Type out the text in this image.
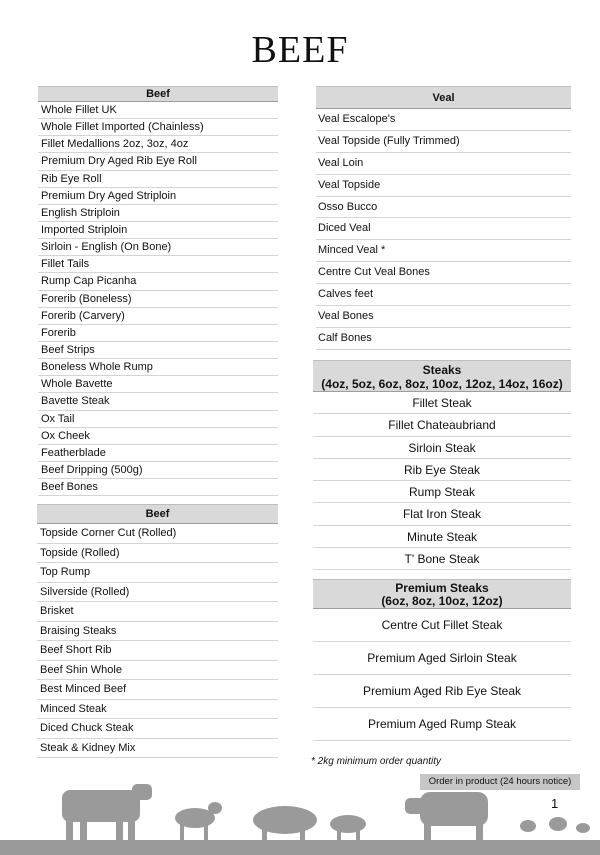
BEEF
Beef
Whole Fillet UK
Whole Fillet Imported (Chainless)
Fillet Medallions 2oz, 3oz, 4oz
Premium Dry Aged Rib Eye Roll
Rib Eye Roll
Premium Dry Aged Striploin
English Striploin
Imported Striploin
Sirloin - English (On Bone)
Fillet Tails
Rump Cap Picanha
Forerib (Boneless)
Forerib (Carvery)
Forerib
Beef Strips
Boneless Whole Rump
Whole Bavette
Bavette Steak
Ox Tail
Ox Cheek
Featherblade
Beef Dripping (500g)
Beef Bones
Beef
Topside Corner Cut (Rolled)
Topside (Rolled)
Top Rump
Silverside (Rolled)
Brisket
Braising Steaks
Beef Short Rib
Beef Shin Whole
Best Minced Beef
Minced Steak
Diced Chuck Steak
Steak & Kidney Mix
Veal
Veal Escalope's
Veal Topside (Fully Trimmed)
Veal Loin
Veal Topside
Osso Bucco
Diced Veal
Minced Veal *
Centre Cut Veal Bones
Calves feet
Veal Bones
Calf Bones
Steaks
(4oz, 5oz, 6oz, 8oz, 10oz, 12oz, 14oz, 16oz)
Fillet Steak
Fillet Chateaubriand
Sirloin Steak
Rib Eye Steak
Rump Steak
Flat Iron Steak
Minute Steak
T' Bone Steak
Premium Steaks
(6oz, 8oz, 10oz, 12oz)
Centre Cut Fillet Steak
Premium Aged Sirloin Steak
Premium Aged Rib Eye Steak
Premium Aged Rump Steak
* 2kg minimum order quantity
Order in product (24 hours notice)
1
